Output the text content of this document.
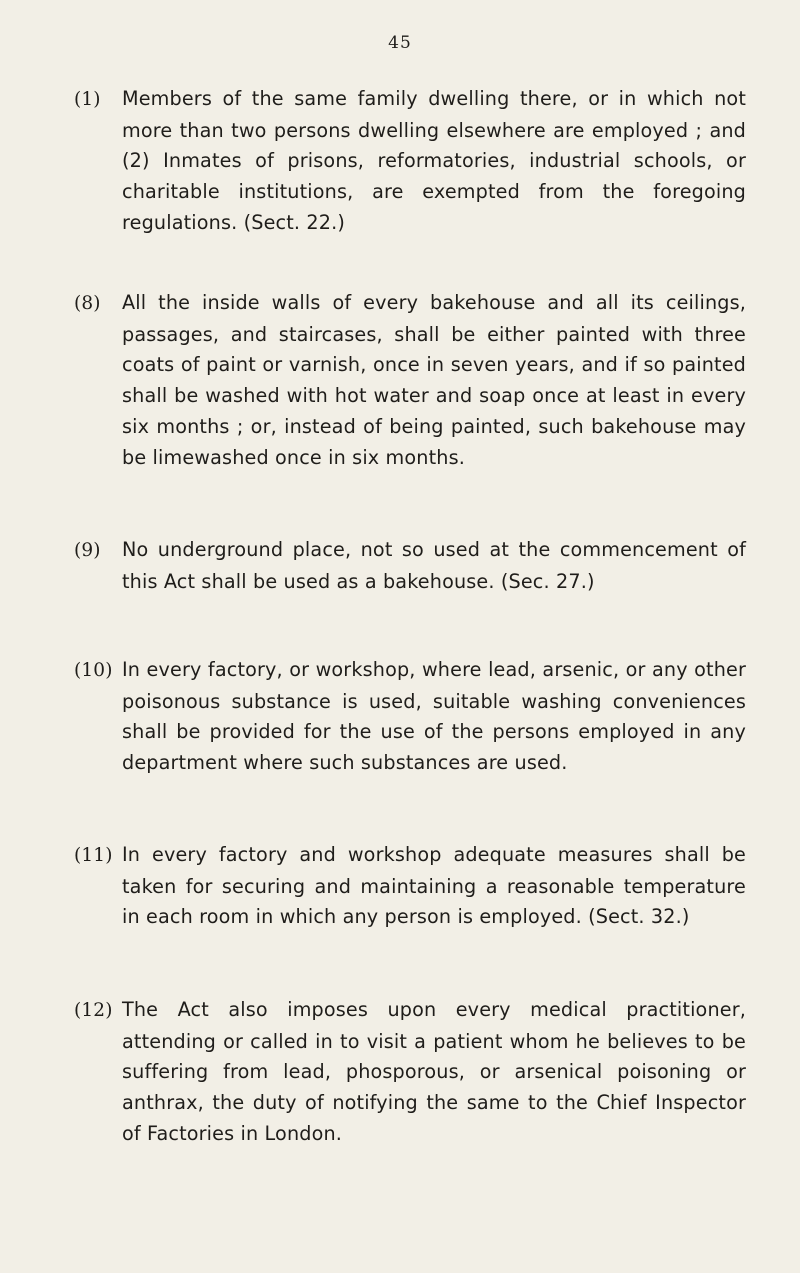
45

(1) Members of the same family dwelling there, or in which not more than two persons dwelling elsewhere are employed ; and (2) Inmates of prisons, reformatories, industrial schools, or charitable institutions, are exempted from the foregoing regulations. (Sect. 22.)

(8) All the inside walls of every bakehouse and all its ceilings, passages, and staircases, shall be either painted with three coats of paint or varnish, once in seven years, and if so painted shall be washed with hot water and soap once at least in every six months ; or, instead of being painted, such bakehouse may be limewashed once in six months.

(9) No underground place, not so used at the commencement of this Act shall be used as a bakehouse. (Sec. 27.)

(10) In every factory, or workshop, where lead, arsenic, or any other poisonous substance is used, suitable washing conveniences shall be provided for the use of the persons employed in any department where such substances are used.

(11) In every factory and workshop adequate measures shall be taken for securing and maintaining a reasonable temperature in each room in which any person is employed. (Sect. 32.)

(12) The Act also imposes upon every medical practitioner, attending or called in to visit a patient whom he believes to be suffering from lead, phosporous, or arsenical poisoning or anthrax, the duty of notifying the same to the Chief Inspector of Factories in London.
